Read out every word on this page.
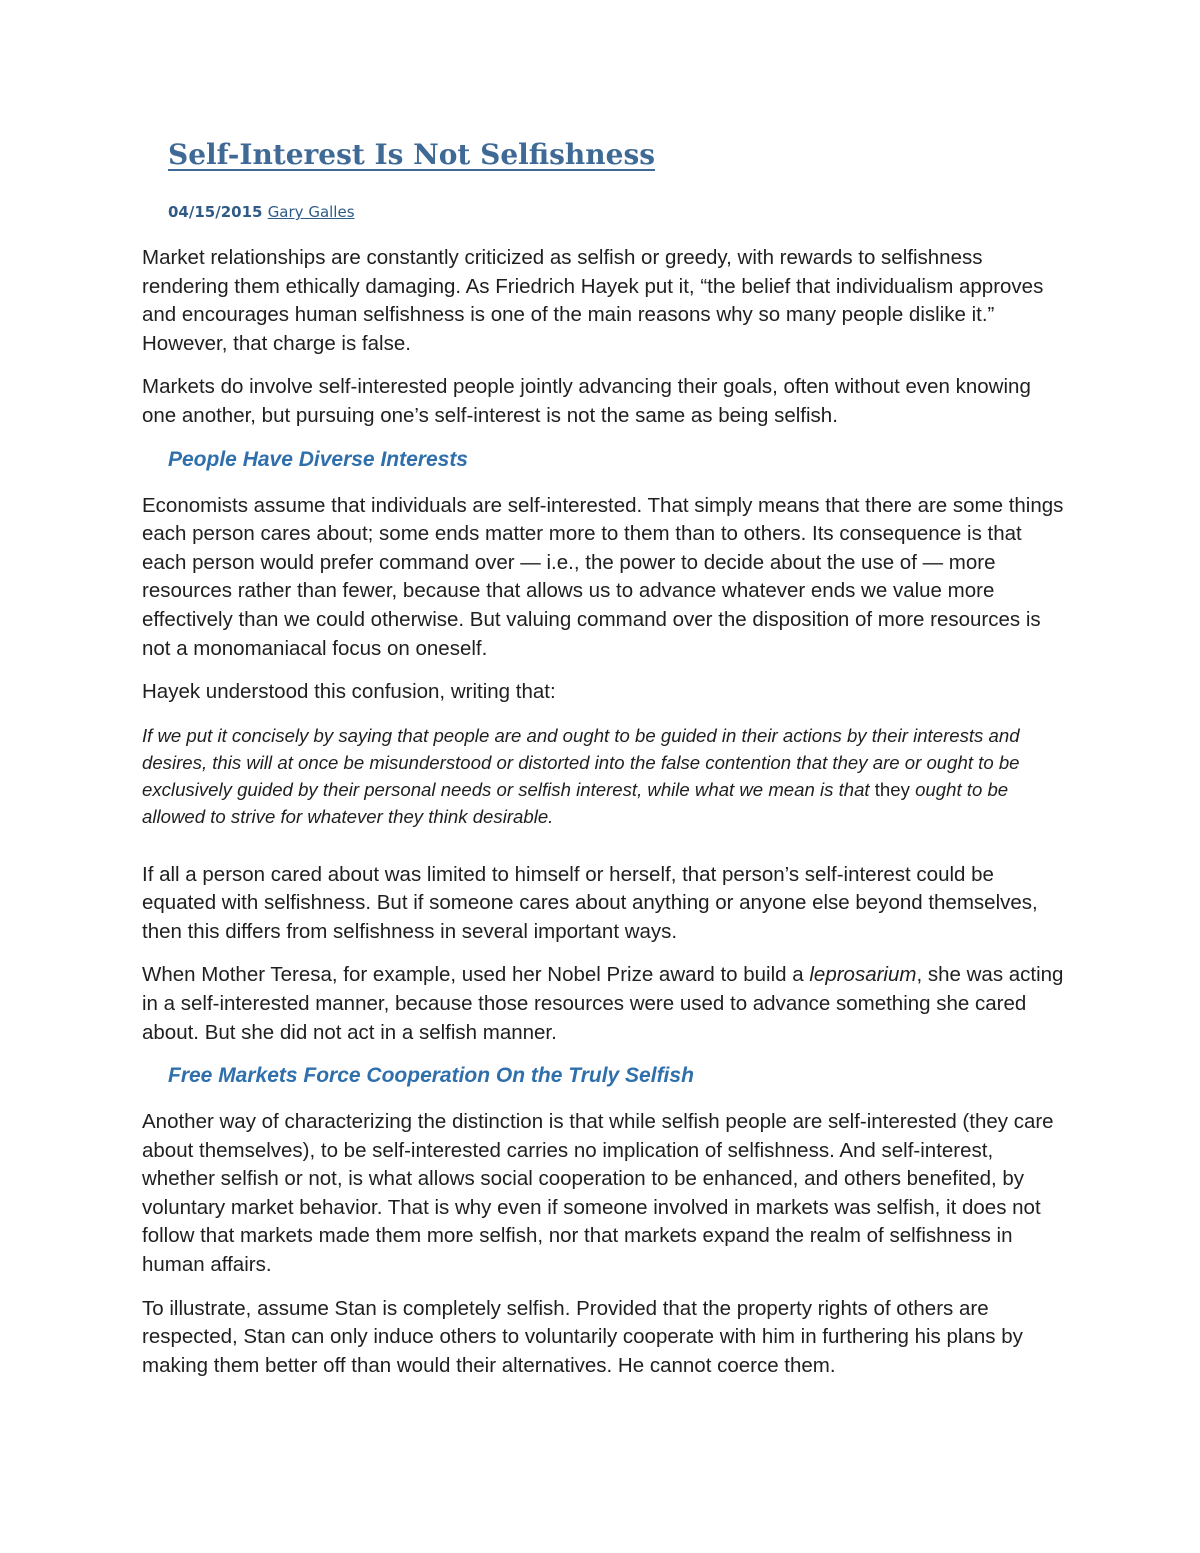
Self-Interest Is Not Selfishness
04/15/2015 Gary Galles

Market relationships are constantly criticized as selfish or greedy, with rewards to selfishness rendering them ethically damaging. As Friedrich Hayek put it, “the belief that individualism approves and encourages human selfishness is one of the main reasons why so many people dislike it.” However, that charge is false.

Markets do involve self-interested people jointly advancing their goals, often without even knowing one another, but pursuing one’s self-interest is not the same as being selfish.

People Have Diverse Interests

Economists assume that individuals are self-interested. That simply means that there are some things each person cares about; some ends matter more to them than to others. Its consequence is that each person would prefer command over — i.e., the power to decide about the use of — more resources rather than fewer, because that allows us to advance whatever ends we value more effectively than we could otherwise. But valuing command over the disposition of more resources is not a monomaniacal focus on oneself.

Hayek understood this confusion, writing that:

If we put it concisely by saying that people are and ought to be guided in their actions by their interests and desires, this will at once be misunderstood or distorted into the false contention that they are or ought to be exclusively guided by their personal needs or selfish interest, while what we mean is that they ought to be allowed to strive for whatever they think desirable.

If all a person cared about was limited to himself or herself, that person’s self-interest could be equated with selfishness. But if someone cares about anything or anyone else beyond themselves, then this differs from selfishness in several important ways.

When Mother Teresa, for example, used her Nobel Prize award to build a leprosarium, she was acting in a self-interested manner, because those resources were used to advance something she cared about. But she did not act in a selfish manner.

Free Markets Force Cooperation On the Truly Selfish

Another way of characterizing the distinction is that while selfish people are self-interested (they care about themselves), to be self-interested carries no implication of selfishness. And self-interest, whether selfish or not, is what allows social cooperation to be enhanced, and others benefited, by voluntary market behavior. That is why even if someone involved in markets was selfish, it does not follow that markets made them more selfish, nor that markets expand the realm of selfishness in human affairs.

To illustrate, assume Stan is completely selfish. Provided that the property rights of others are respected, Stan can only induce others to voluntarily cooperate with him in furthering his plans by making them better off than would their alternatives. He cannot coerce them.
